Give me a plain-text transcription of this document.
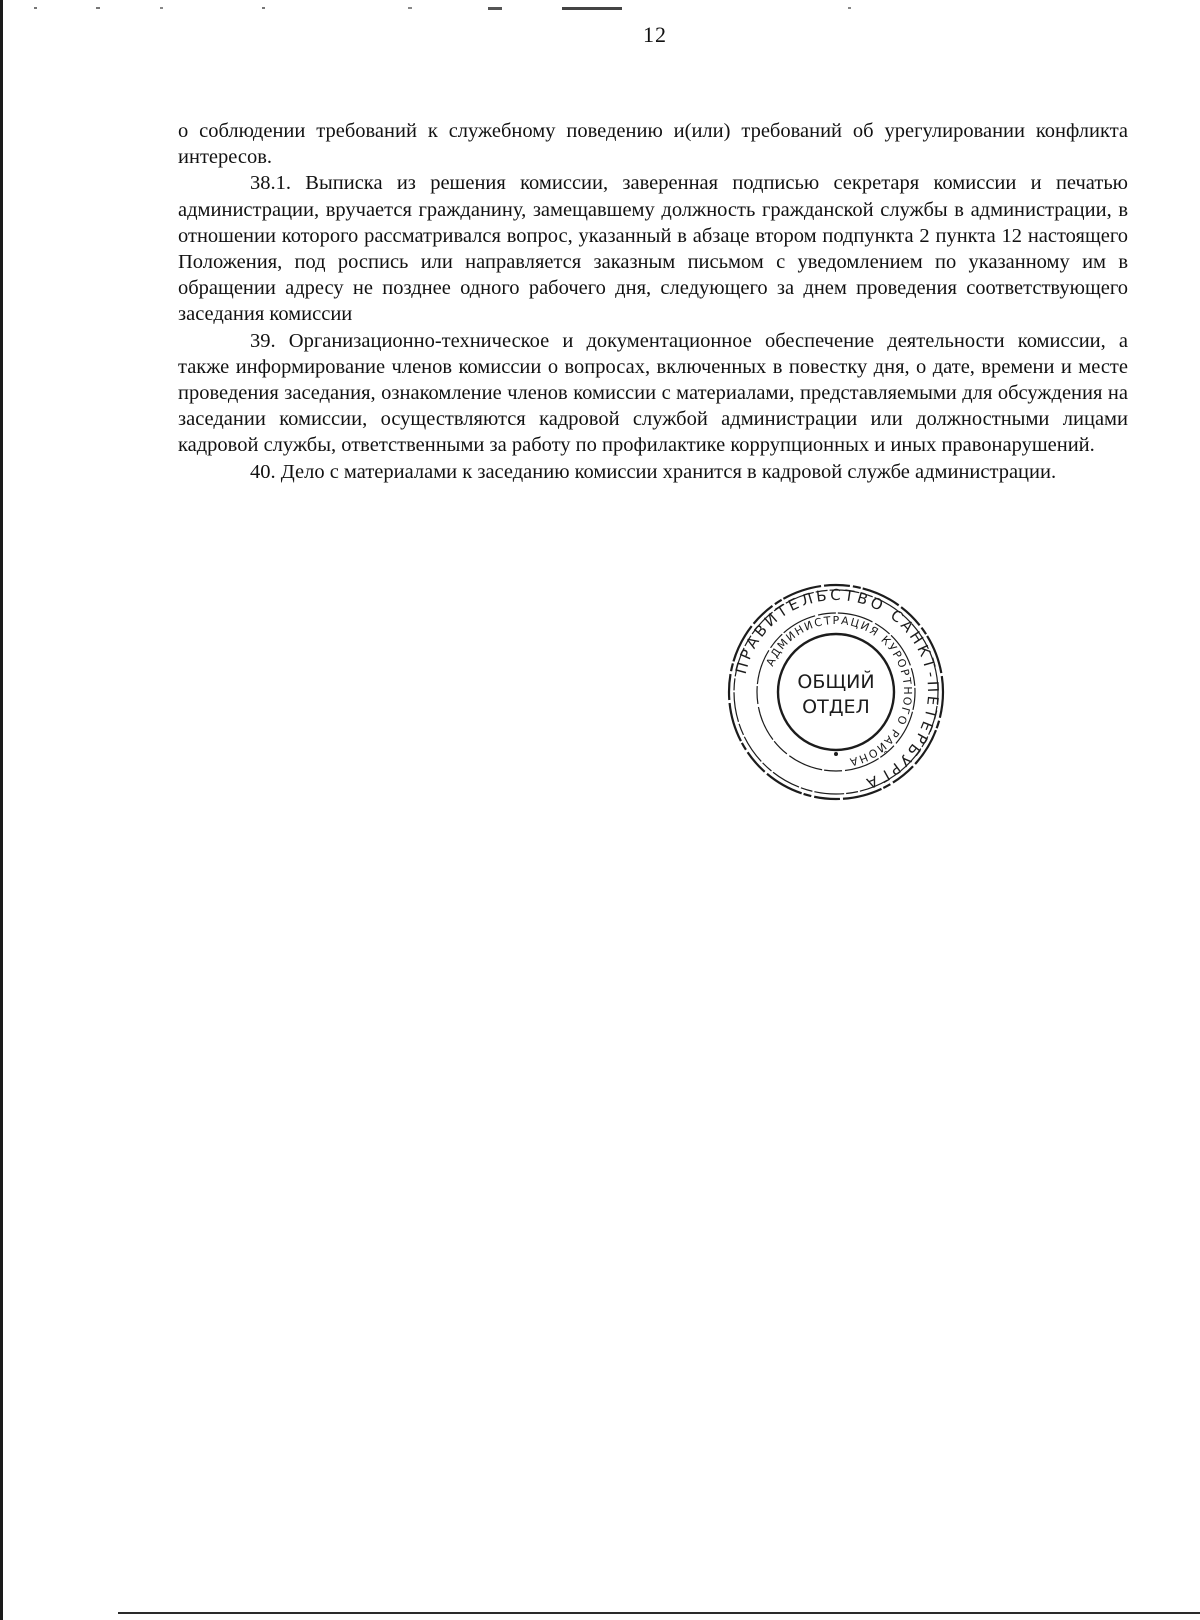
12

о соблюдении требований к служебному поведению и(или) требований об урегулировании конфликта интересов.

38.1. Выписка из решения комиссии, заверенная подписью секретаря комиссии и печатью администрации, вручается гражданину, замещавшему должность гражданской службы в администрации, в отношении которого рассматривался вопрос, указанный в абзаце втором подпункта 2 пункта 12 настоящего Положения, под роспись или направляется заказным письмом с уведомлением по указанному им в обращении адресу не позднее одного рабочего дня, следующего за днем проведения соответствующего заседания комиссии

39. Организационно-техническое и документационное обеспечение деятельности комиссии, а также информирование членов комиссии о вопросах, включенных в повестку дня, о дате, времени и месте проведения заседания, ознакомление членов комиссии с материалами, представляемыми для обсуждения на заседании комиссии, осуществляются кадровой службой администрации или должностными лицами кадровой службы, ответственными за работу по профилактике коррупционных и иных правонарушений.

40. Дело с материалами к заседанию комиссии хранится в кадровой службе администрации.

ПРАВИТЕЛЬСТВО САНКТ-ПЕТЕРБУРГА
АДМИНИСТРАЦИЯ КУРОРТНОГО РАЙОНА
ОБЩИЙ
ОТДЕЛ
